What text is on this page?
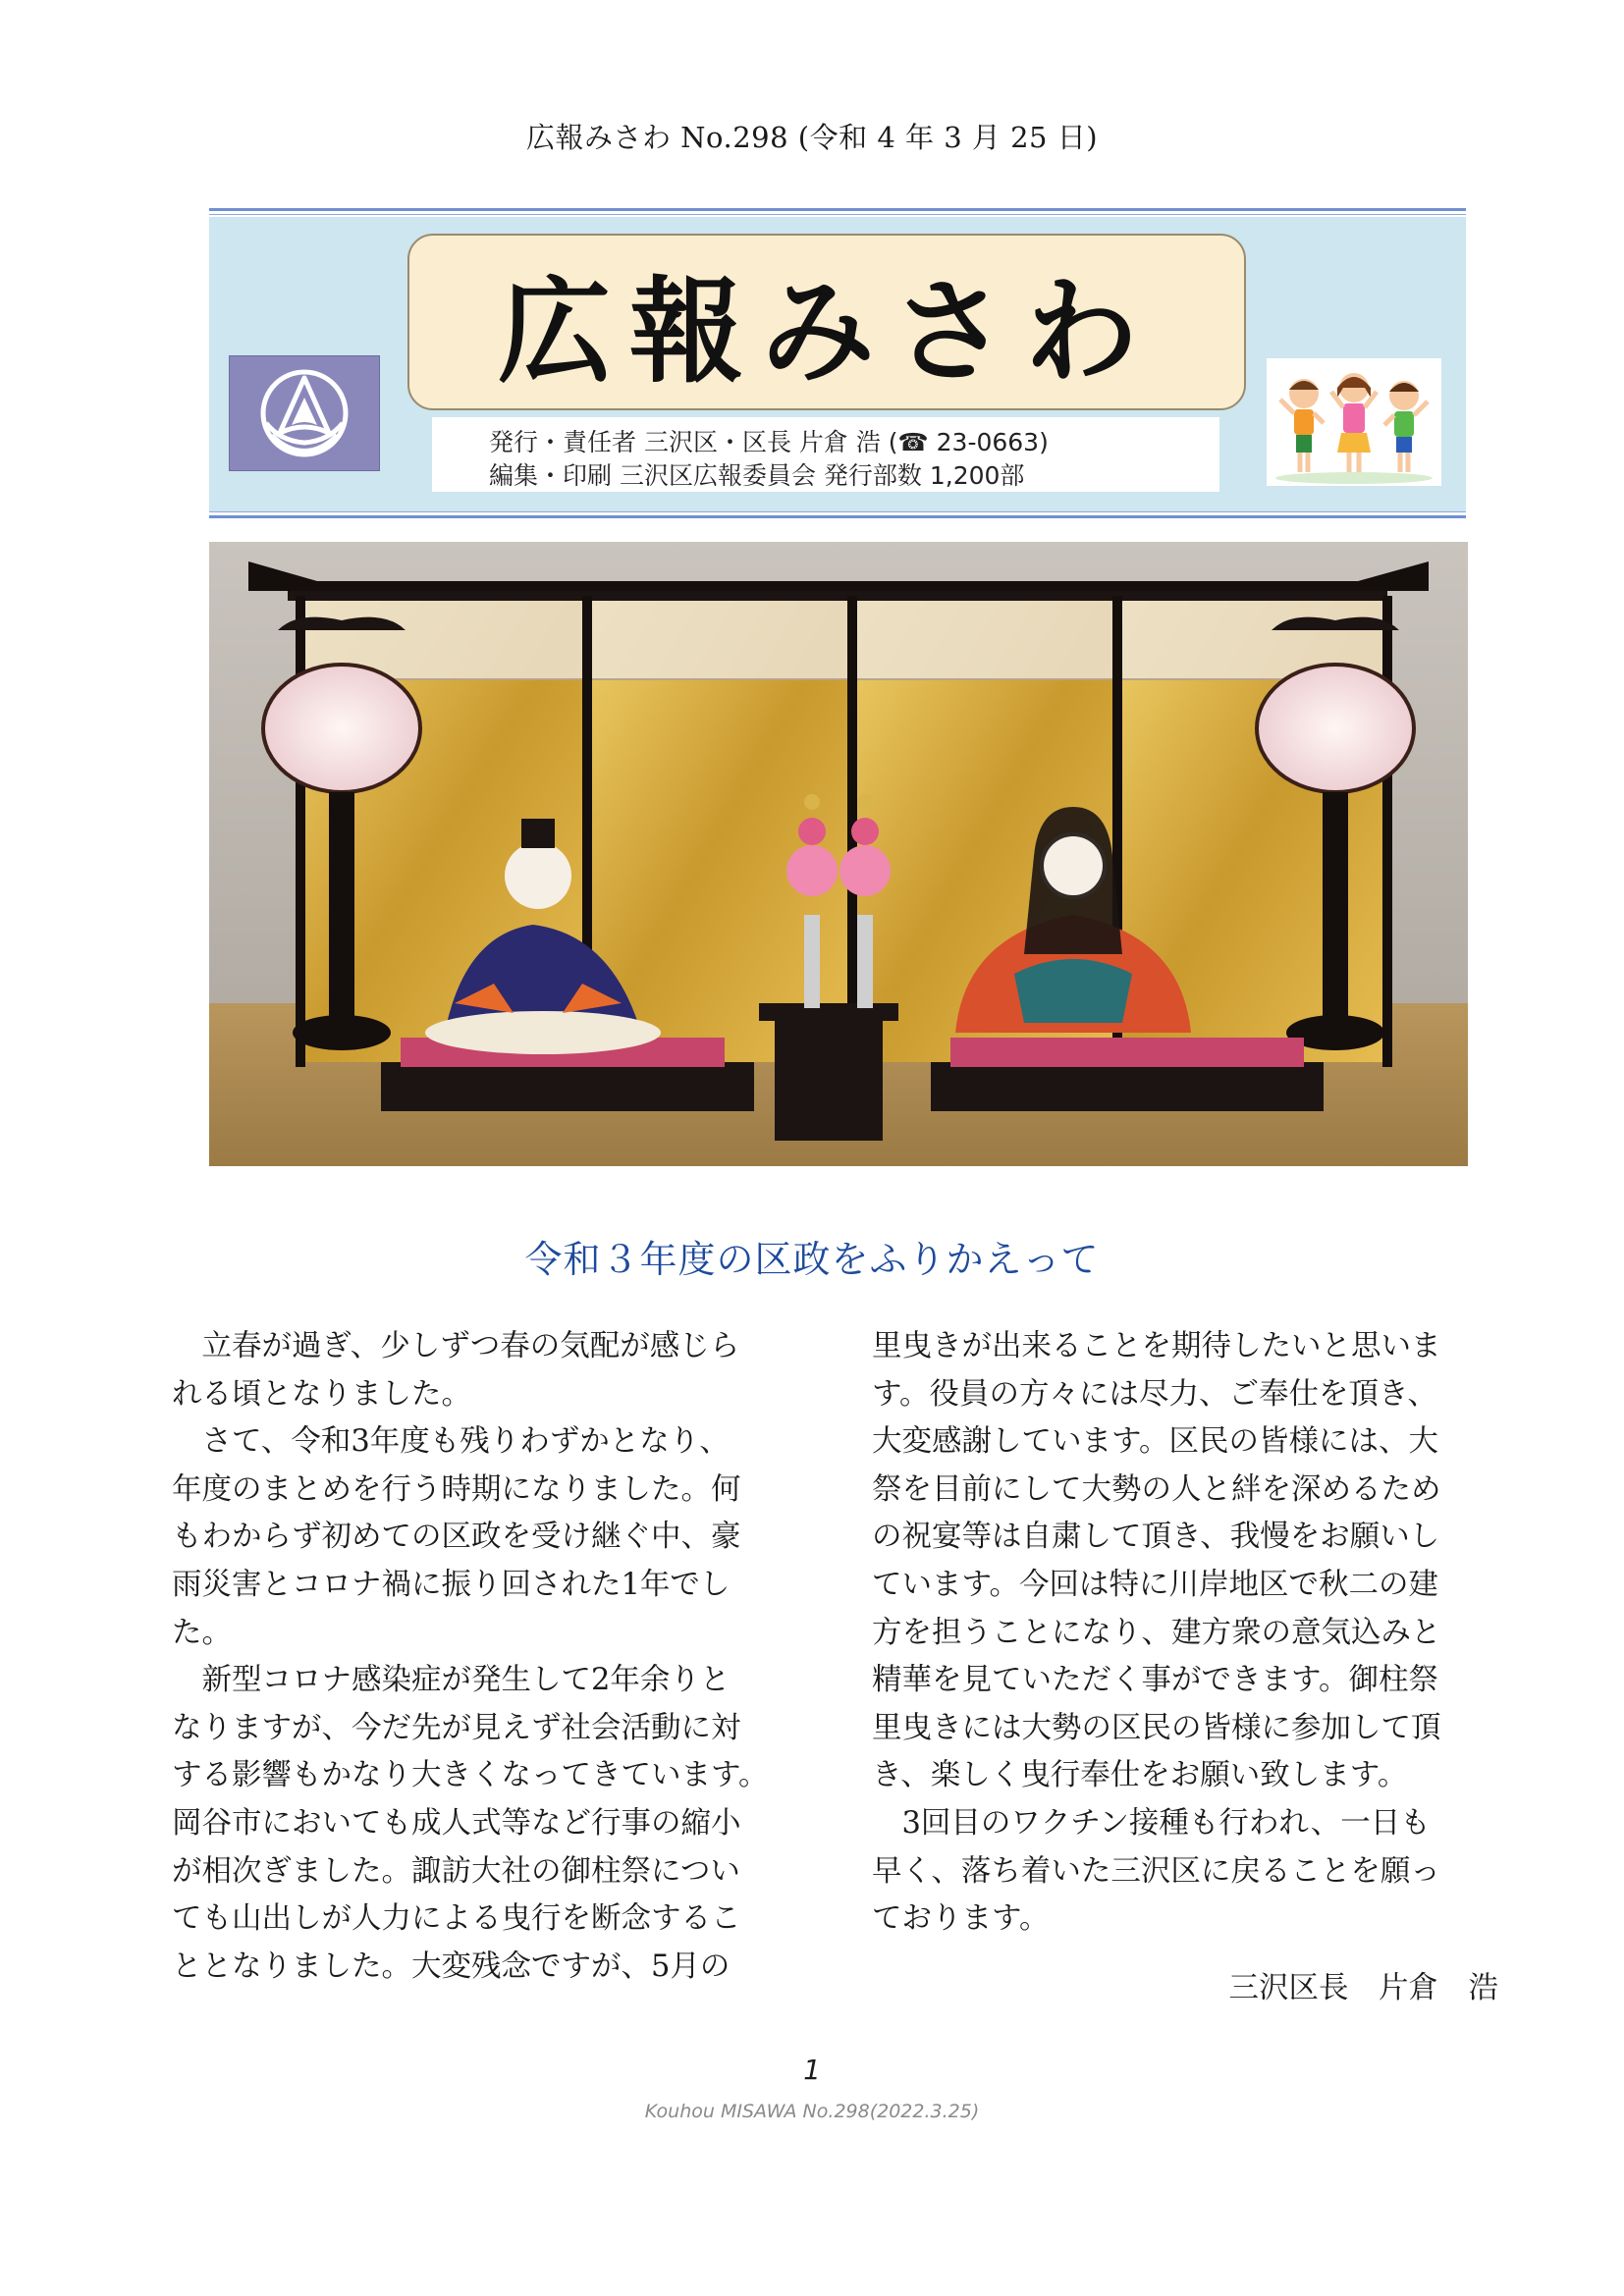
広報みさわ No.298 (令和 4 年 3 月 25 日)
広報みさわ
発行・責任者 三沢区・区長 片倉 浩 (☎ 23-0663)
編集・印刷 三沢区広報委員会 発行部数 1,200部
令和３年度の区政をふりかえって
　立春が過ぎ、少しずつ春の気配が感じら
れる頃となりました。
　さて、令和3年度も残りわずかとなり、
年度のまとめを行う時期になりました。何
もわからず初めての区政を受け継ぐ中、豪
雨災害とコロナ禍に振り回された1年でし
た。
　新型コロナ感染症が発生して2年余りと
なりますが、今だ先が見えず社会活動に対
する影響もかなり大きくなってきています。
岡谷市においても成人式等など行事の縮小
が相次ぎました。諏訪大社の御柱祭につい
ても山出しが人力による曳行を断念するこ
ととなりました。大変残念ですが、5月の
里曳きが出来ることを期待したいと思いま
す。役員の方々には尽力、ご奉仕を頂き、
大変感謝しています。区民の皆様には、大
祭を目前にして大勢の人と絆を深めるため
の祝宴等は自粛して頂き、我慢をお願いし
ています。今回は特に川岸地区で秋二の建
方を担うことになり、建方衆の意気込みと
精華を見ていただく事ができます。御柱祭
里曳きには大勢の区民の皆様に参加して頂
き、楽しく曳行奉仕をお願い致します。
　3回目のワクチン接種も行われ、一日も
早く、落ち着いた三沢区に戻ることを願っ
ております。
三沢区長　片倉　浩
1
Kouhou MISAWA No.298(2022.3.25)
